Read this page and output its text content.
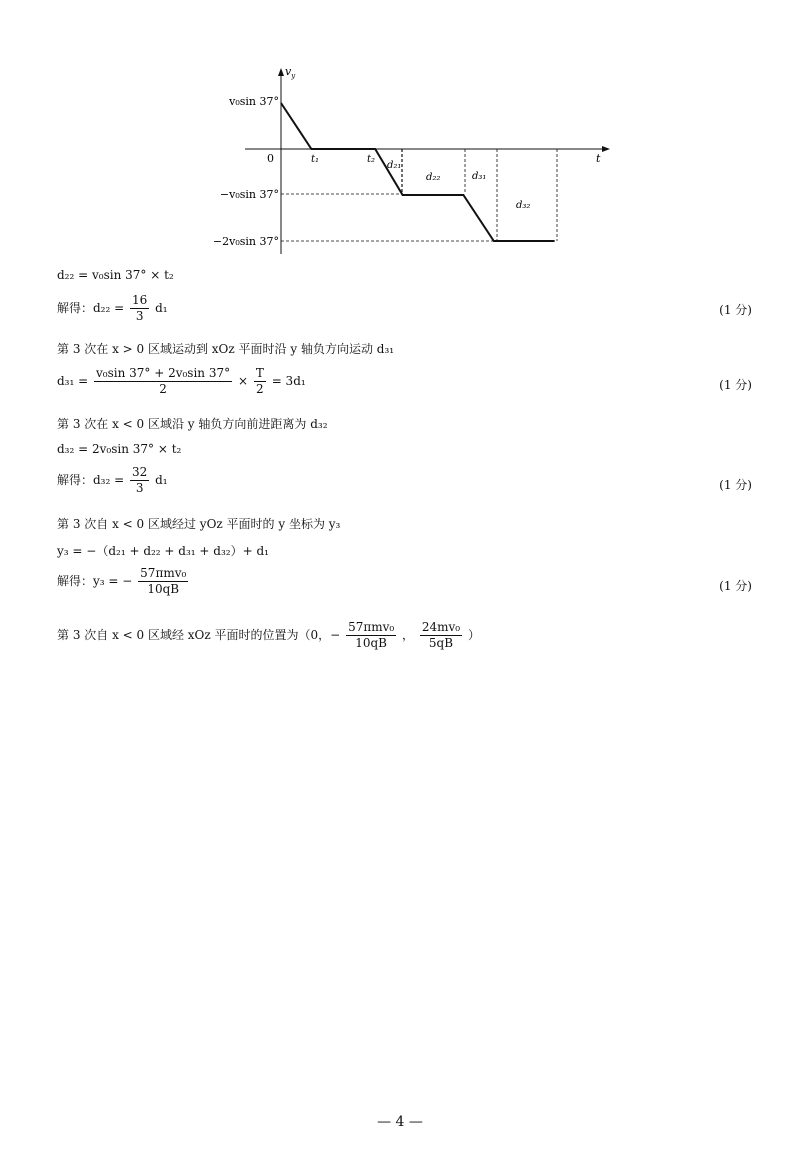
$v_y$
t
0
v₀sin 37°
−v₀sin 37°
−2v₀sin 37°
t₁	t₂
d₂₁
d₂₂	d₃₁
d₃₂
d₂₂ = v₀sin 37° × t₂
解得：$d_{22} = \frac{16}{3} d_1$	(1 分)
第 3 次在 x > 0 区域运动到 xOz 平面时沿 y 轴负方向运动 d₃₁
$d_{31} = \frac{\text{v₀sin 37° + 2v₀sin 37°}}{2} \times \frac{T}{2} = 3d_1$	(1 分)
第 3 次在 x < 0 区域沿 y 轴负方向前进距离为 d₃₂
d₃₂ = 2v₀sin 37° × t₂
解得：$d_{32} = \frac{32}{3} d_1$	(1 分)
第 3 次自 x < 0 区域经过 yOz 平面时的 y 坐标为 y₃
y₃ = −（d₂₁ + d₂₂ + d₃₁ + d₃₂）+ d₁
解得：y₃ = − $\frac{\text{57πmv₀}}{10qB}$	(1 分)
第 3 次自 x < 0 区域经 xOz 平面时的位置为（0，− $\frac{\text{57πmv₀}}{10qB}$ ， $\frac{\text{24mv₀}}{5qB}$ ）
— 4 —
